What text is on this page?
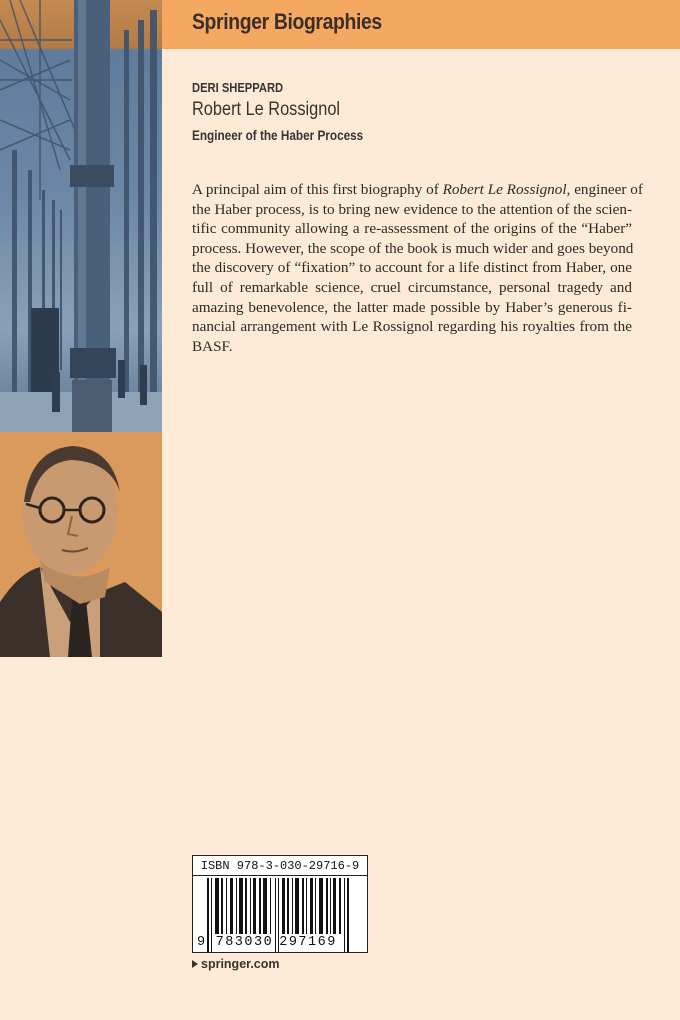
Springer Biographies
DERI SHEPPARD
Robert Le Rossignol
Engineer of the Haber Process
A principal aim of this first biography of Robert Le Rossignol, engineer of
the Haber process, is to bring new evidence to the attention of the scien-
tific community allowing a re-assessment of the origins of the “Haber”
process. However, the scope of the book is much wider and goes beyond
the discovery of “fixation” to account for a life distinct from Haber, one
full of remarkable science, cruel circumstance, personal tragedy and
amazing benevolence, the latter made possible by Haber’s generous fi-
nancial arrangement with Le Rossignol regarding his royalties from the
BASF.
ISBN 978-3-030-29716-9
9 783030 297169
springer.com
